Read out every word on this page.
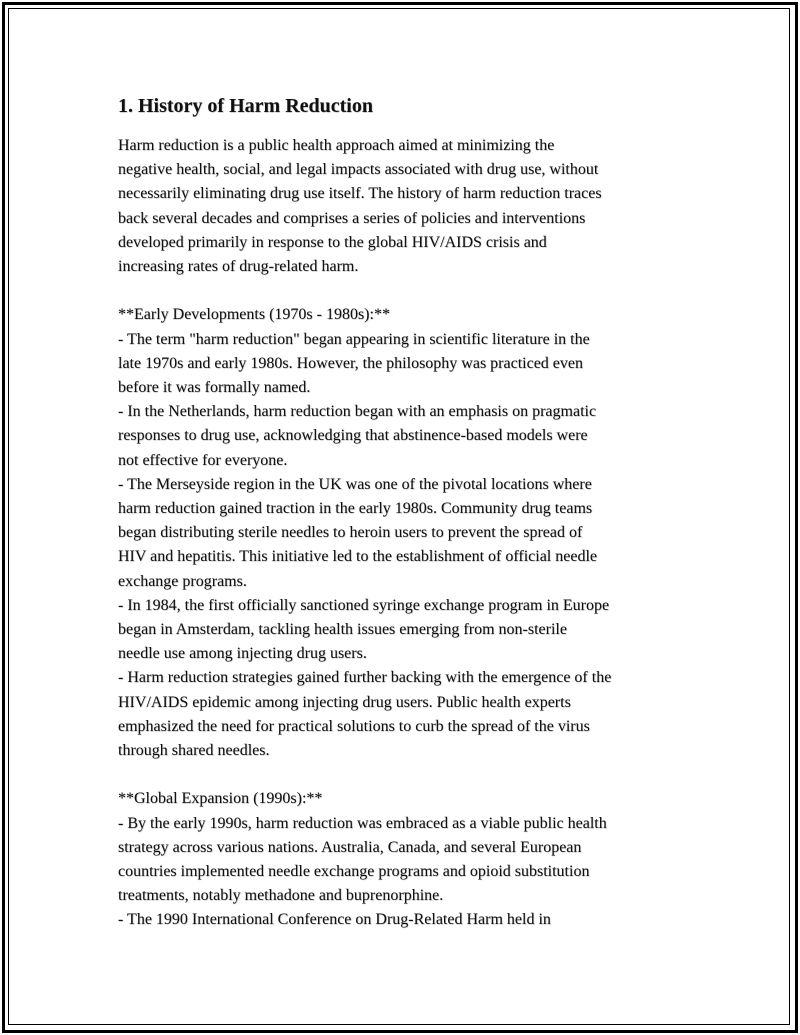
1. History of Harm Reduction

Harm reduction is a public health approach aimed at minimizing the
negative health, social, and legal impacts associated with drug use, without
necessarily eliminating drug use itself. The history of harm reduction traces
back several decades and comprises a series of policies and interventions
developed primarily in response to the global HIV/AIDS crisis and
increasing rates of drug-related harm.

**Early Developments (1970s - 1980s):**

- The term "harm reduction" began appearing in scientific literature in the
late 1970s and early 1980s. However, the philosophy was practiced even
before it was formally named.

- In the Netherlands, harm reduction began with an emphasis on pragmatic
responses to drug use, acknowledging that abstinence-based models were
not effective for everyone.

- The Merseyside region in the UK was one of the pivotal locations where
harm reduction gained traction in the early 1980s. Community drug teams
began distributing sterile needles to heroin users to prevent the spread of
HIV and hepatitis. This initiative led to the establishment of official needle
exchange programs.

- In 1984, the first officially sanctioned syringe exchange program in Europe
began in Amsterdam, tackling health issues emerging from non-sterile
needle use among injecting drug users.

- Harm reduction strategies gained further backing with the emergence of the
HIV/AIDS epidemic among injecting drug users. Public health experts
emphasized the need for practical solutions to curb the spread of the virus
through shared needles.

**Global Expansion (1990s):**

- By the early 1990s, harm reduction was embraced as a viable public health
strategy across various nations. Australia, Canada, and several European
countries implemented needle exchange programs and opioid substitution
treatments, notably methadone and buprenorphine.

- The 1990 International Conference on Drug-Related Harm held in
